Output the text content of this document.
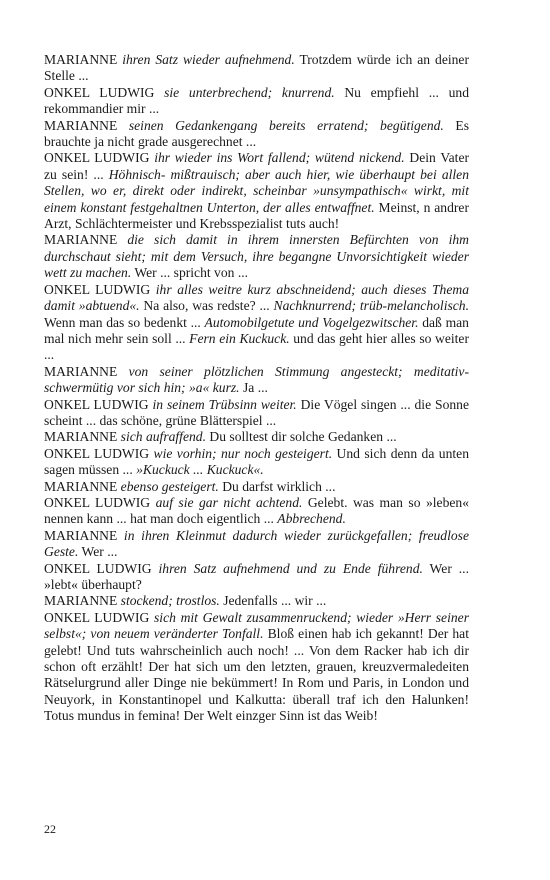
MARIANNE ihren Satz wieder aufnehmend. Trotzdem würde ich an deiner Stelle ...

ONKEL LUDWIG sie unterbrechend; knurrend. Nu empfiehl ... und rekommandier mir ...

MARIANNE seinen Gedankengang bereits erratend; begütigend. Es brauchte ja nicht grade ausgerechnet ...

ONKEL LUDWIG ihr wieder ins Wort fallend; wütend nickend. Dein Vater zu sein! ... Höhnisch- mißtrauisch; aber auch hier, wie überhaupt bei allen Stellen, wo er, direkt oder indirekt, scheinbar »unsympathisch« wirkt, mit einem konstant festgehaltnen Unterton, der alles entwaffnet. Meinst, n andrer Arzt, Schlächtermeister und Krebsspezialist tuts auch!

MARIANNE die sich damit in ihrem innersten Befürchten von ihm durchschaut sieht; mit dem Versuch, ihre begangne Unvorsichtigkeit wieder wett zu machen. Wer ... spricht von ...

ONKEL LUDWIG ihr alles weitre kurz abschneidend; auch dieses Thema damit »abtuend«. Na also, was redste? ... Nachknurrend; trüb-melancholisch. Wenn man das so bedenkt ... Automobilgetute und Vogelgezwitscher. daß man mal nich mehr sein soll ... Fern ein Kuckuck. und das geht hier alles so weiter ...

MARIANNE von seiner plötzlichen Stimmung angesteckt; meditativ-schwermütig vor sich hin; »a« kurz. Ja ...

ONKEL LUDWIG in seinem Trübsinn weiter. Die Vögel singen ... die Sonne scheint ... das schöne, grüne Blätterspiel ...

MARIANNE sich aufraffend. Du solltest dir solche Gedanken ...

ONKEL LUDWIG wie vorhin; nur noch gesteigert. Und sich denn da unten sagen müssen ... »Kuckuck ... Kuckuck«.

MARIANNE ebenso gesteigert. Du darfst wirklich ...

ONKEL LUDWIG auf sie gar nicht achtend. Gelebt. was man so »leben« nennen kann ... hat man doch eigentlich ... Abbrechend.

MARIANNE in ihren Kleinmut dadurch wieder zurückgefallen; freudlose Geste. Wer ...

ONKEL LUDWIG ihren Satz aufnehmend und zu Ende führend. Wer ... »lebt« überhaupt?

MARIANNE stockend; trostlos. Jedenfalls ... wir ...

ONKEL LUDWIG sich mit Gewalt zusammenruckend; wieder »Herr seiner selbst«; von neuem veränderter Tonfall. Bloß einen hab ich gekannt! Der hat gelebt! Und tuts wahrscheinlich auch noch! ... Von dem Racker hab ich dir schon oft erzählt! Der hat sich um den letzten, grauen, kreuzvermaledeiten Rätselurgrund aller Dinge nie bekümmert! In Rom und Paris, in London und Neuyork, in Konstantinopel und Kalkutta: überall traf ich den Halunken! Totus mundus in femina! Der Welt einzger Sinn ist das Weib!

22
